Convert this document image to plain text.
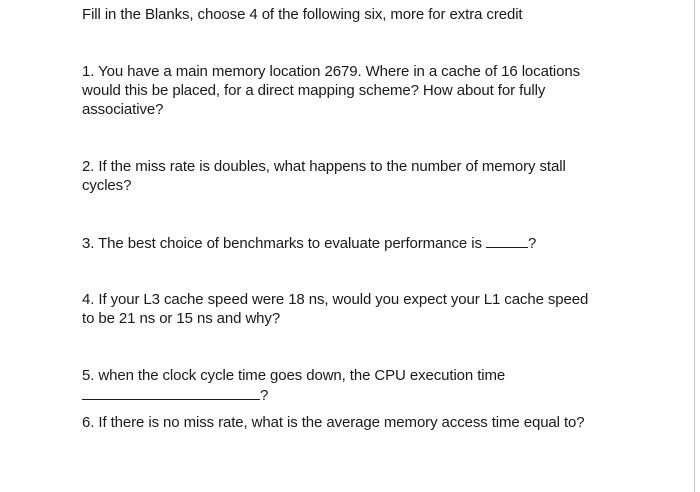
Fill in the Blanks, choose 4 of the following six, more for extra credit
1. You have a main memory location 2679. Where in a cache of 16 locations
would this be placed, for a direct mapping scheme? How about for fully
associative?
2. If the miss rate is doubles, what happens to the number of memory stall
cycles?
3. The best choice of benchmarks to evaluate performance is	?
4. If your L3 cache speed were 18 ns, would you expect your L1 cache speed
to be 21 ns or 15 ns and why?
5. when the clock cycle time goes down, the CPU execution time
?
6. If there is no miss rate, what is the average memory access time equal to?
